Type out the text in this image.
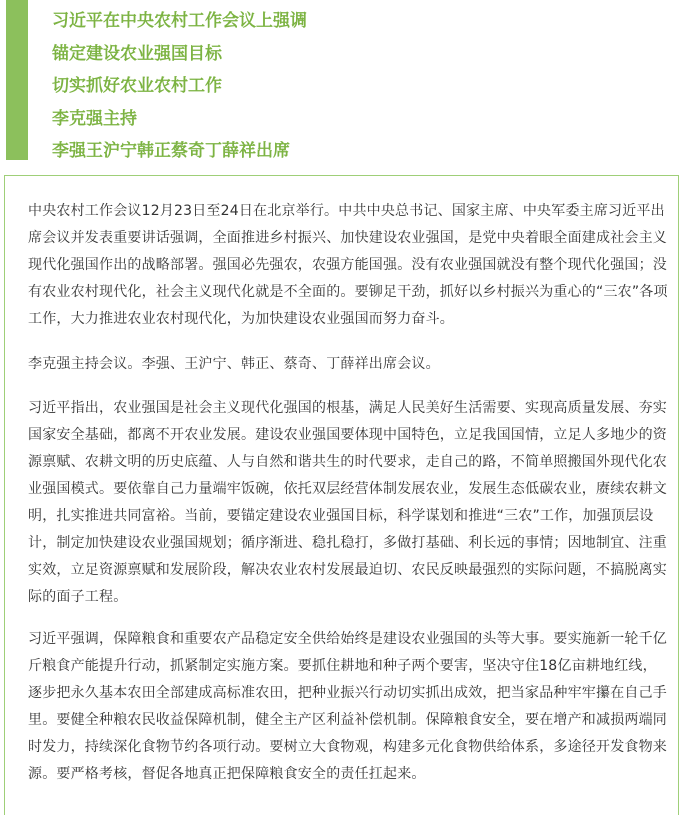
习近平在中央农村工作会议上强调
锚定建设农业强国目标
切实抓好农业农村工作
李克强主持
李强王沪宁韩正蔡奇丁薛祥出席

中央农村工作会议12月23日至24日在北京举行。中共中央总书记、国家主席、中央军委主席习近平出席会议并发表重要讲话强调，全面推进乡村振兴、加快建设农业强国，是党中央着眼全面建成社会主义现代化强国作出的战略部署。强国必先强农，农强方能国强。没有农业强国就没有整个现代化强国；没有农业农村现代化，社会主义现代化就是不全面的。要铆足干劲，抓好以乡村振兴为重心的“三农”各项工作，大力推进农业农村现代化，为加快建设农业强国而努力奋斗。

李克强主持会议。李强、王沪宁、韩正、蔡奇、丁薛祥出席会议。

习近平指出，农业强国是社会主义现代化强国的根基，满足人民美好生活需要、实现高质量发展、夯实国家安全基础，都离不开农业发展。建设农业强国要体现中国特色，立足我国国情，立足人多地少的资源禀赋、农耕文明的历史底蕴、人与自然和谐共生的时代要求，走自己的路，不简单照搬国外现代化农业强国模式。要依靠自己力量端牢饭碗，依托双层经营体制发展农业，发展生态低碳农业，赓续农耕文明，扎实推进共同富裕。当前，要锚定建设农业强国目标，科学谋划和推进“三农”工作，加强顶层设计，制定加快建设农业强国规划；循序渐进、稳扎稳打，多做打基础、利长远的事情；因地制宜、注重实效，立足资源禀赋和发展阶段，解决农业农村发展最迫切、农民反映最强烈的实际问题，不搞脱离实际的面子工程。

习近平强调，保障粮食和重要农产品稳定安全供给始终是建设农业强国的头等大事。要实施新一轮千亿斤粮食产能提升行动，抓紧制定实施方案。要抓住耕地和种子两个要害，坚决守住18亿亩耕地红线，逐步把永久基本农田全部建成高标准农田，把种业振兴行动切实抓出成效，把当家品种牢牢攥在自己手里。要健全种粮农民收益保障机制，健全主产区利益补偿机制。保障粮食安全，要在增产和减损两端同时发力，持续深化食物节约各项行动。要树立大食物观，构建多元化食物供给体系，多途径开发食物来源。要严格考核，督促各地真正把保障粮食安全的责任扛起来。
